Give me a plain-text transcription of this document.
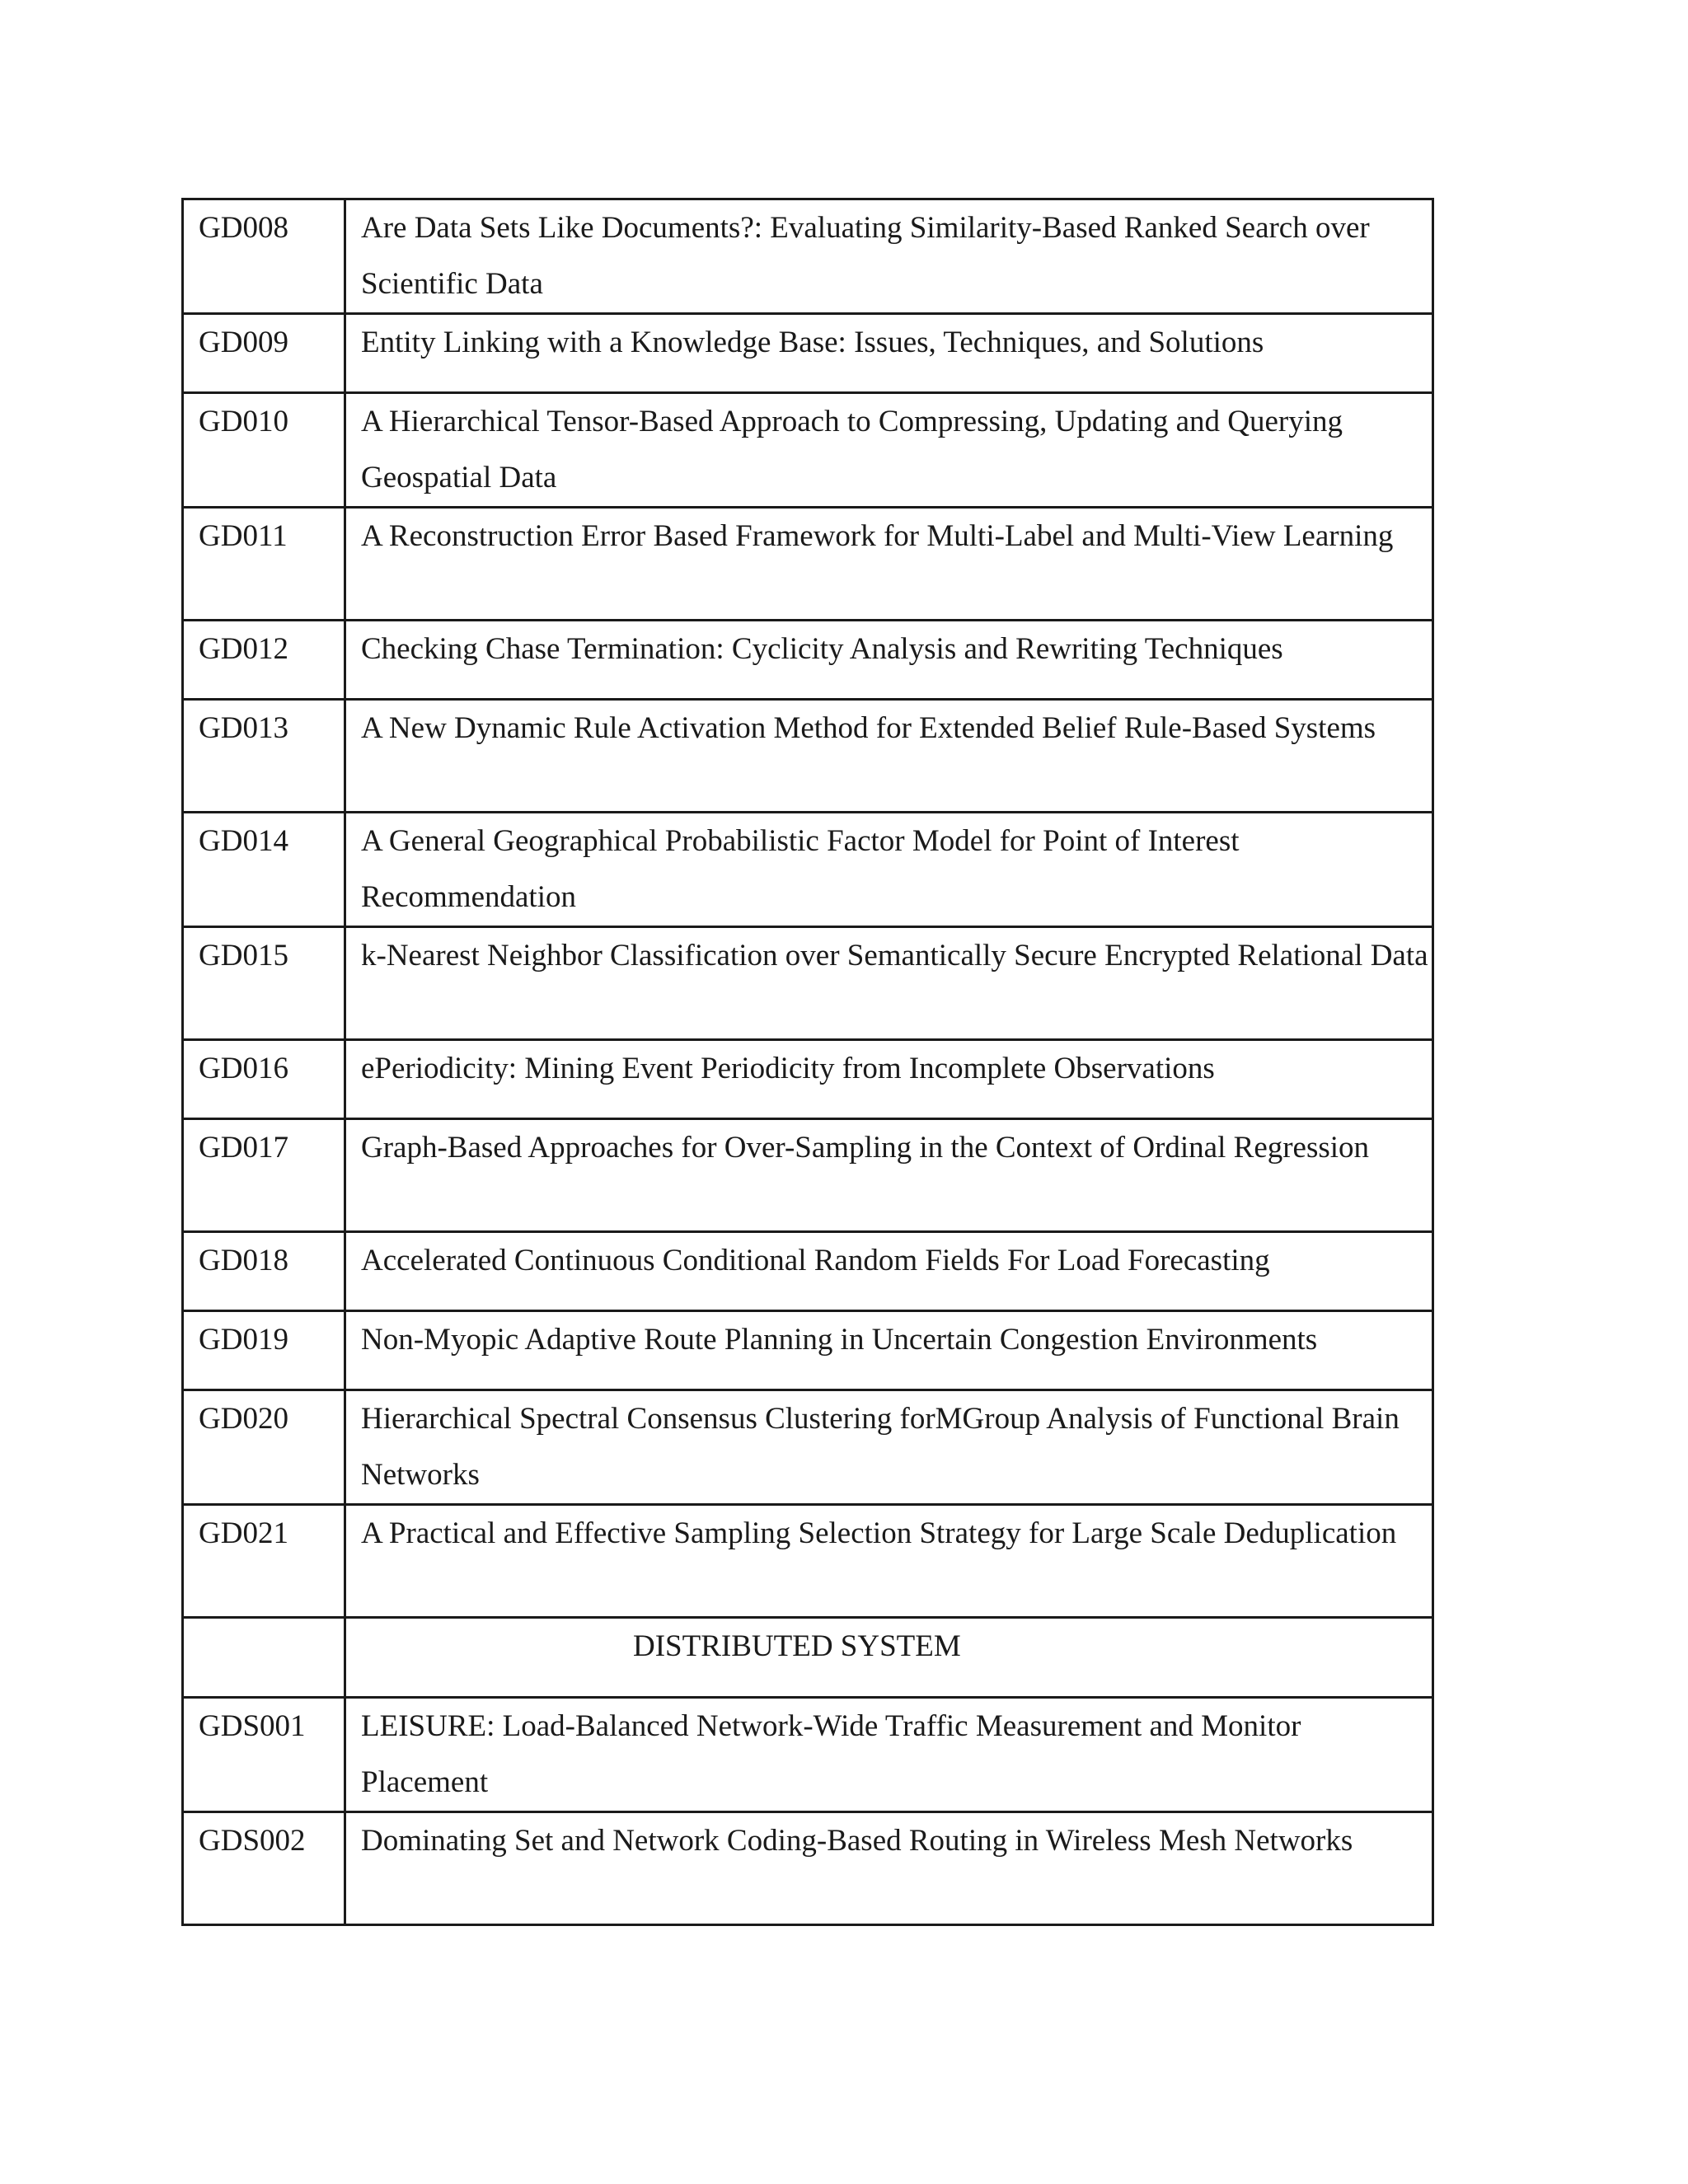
GD008	Are Data Sets Like Documents?: Evaluating Similarity-Based Ranked Search over Scientific Data
GD009	Entity Linking with a Knowledge Base: Issues, Techniques, and Solutions
GD010	A Hierarchical Tensor-Based Approach to Compressing, Updating and Querying Geospatial Data
GD011	A Reconstruction Error Based Framework for Multi-Label and Multi-View Learning
GD012	Checking Chase Termination: Cyclicity Analysis and Rewriting Techniques
GD013	A New Dynamic Rule Activation Method for Extended Belief Rule-Based Systems
GD014	A General Geographical Probabilistic Factor Model for Point of Interest Recommendation
GD015	k-Nearest Neighbor Classification over Semantically Secure Encrypted Relational Data
GD016	ePeriodicity: Mining Event Periodicity from Incomplete Observations
GD017	Graph-Based Approaches for Over-Sampling in the Context of Ordinal Regression
GD018	Accelerated Continuous Conditional Random Fields For Load Forecasting
GD019	Non-Myopic Adaptive Route Planning in Uncertain Congestion Environments
GD020	Hierarchical Spectral Consensus Clustering forMGroup Analysis of Functional Brain Networks
GD021	A Practical and Effective Sampling Selection Strategy for Large Scale Deduplication

	DISTRIBUTED SYSTEM

GDS001	LEISURE: Load-Balanced Network-Wide Traffic Measurement and Monitor Placement
GDS002	Dominating Set and Network Coding-Based Routing in Wireless Mesh Networks
